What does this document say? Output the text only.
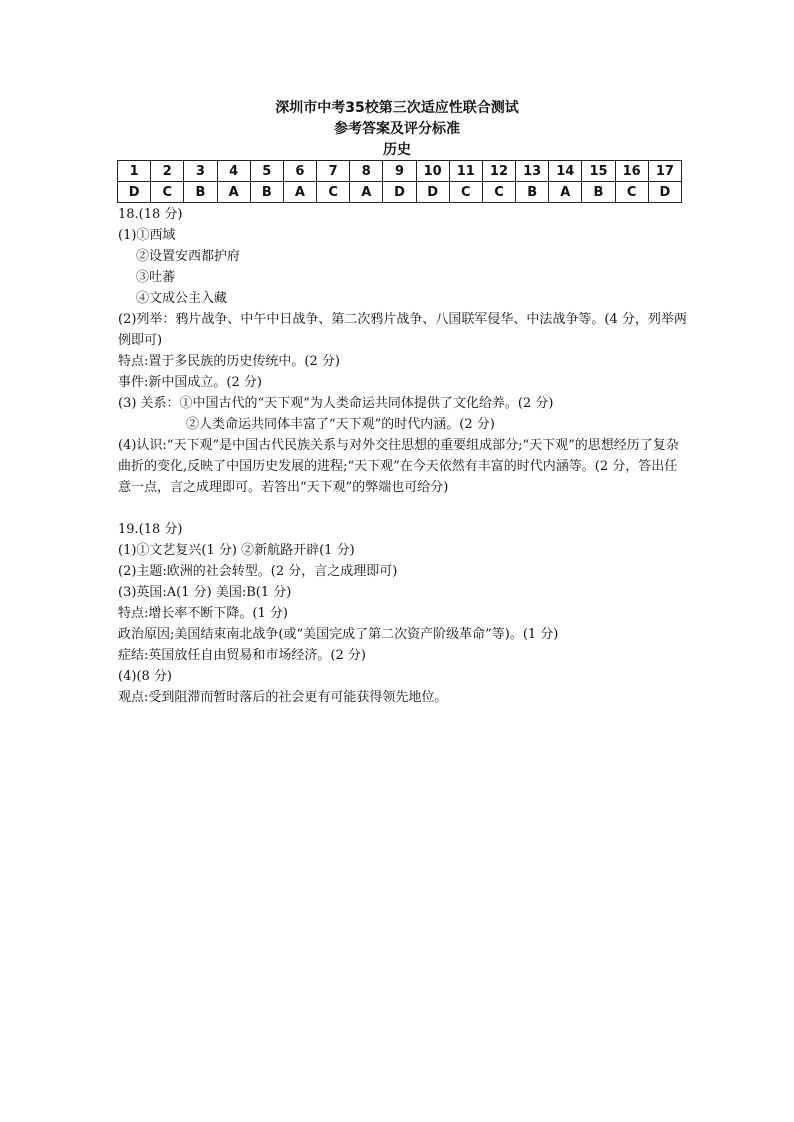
深圳市中考35校第三次适应性联合测试
参考答案及评分标准
历史
1	2	3	4	5	6	7	8	9	10	11	12	13	14	15	16	17
D	C	B	A	B	A	C	A	D	D	C	C	B	A	B	C	D
18.(18 分)
(1)①西域
②设置安西都护府
③吐蕃
④文成公主入藏
(2)列举：鸦片战争、中午中日战争、第二次鸦片战争、八国联军侵华、中法战争等。(4 分，列举两例即可)
特点:置于多民族的历史传统中。(2 分)
事件:新中国成立。(2 分)
(3) 关系：①中国古代的“天下观”为人类命运共同体提供了文化给养。(2 分)
②人类命运共同体丰富了“天下观”的时代内涵。(2 分)
(4)认识:“天下观”是中国古代民族关系与对外交往思想的重要组成部分;“天下观”的思想经历了复杂曲折的变化,反映了中国历史发展的进程;“天下观”在今天依然有丰富的时代内涵等。(2 分，答出任意一点，言之成理即可。若答出“天下观”的弊端也可给分)
19.(18 分)
(1)①文艺复兴(1 分) ②新航路开辟(1 分)
(2)主题:欧洲的社会转型。(2 分，言之成理即可)
(3)英国:A(1 分) 美国:B(1 分)
特点:增长率不断下降。(1 分)
政治原因;美国结束南北战争(或“美国完成了第二次资产阶级革命”等)。(1 分)
症结:英国放任自由贸易和市场经济。(2 分)
(4)(8 分)
观点:受到阻滞而暂时落后的社会更有可能获得领先地位。
